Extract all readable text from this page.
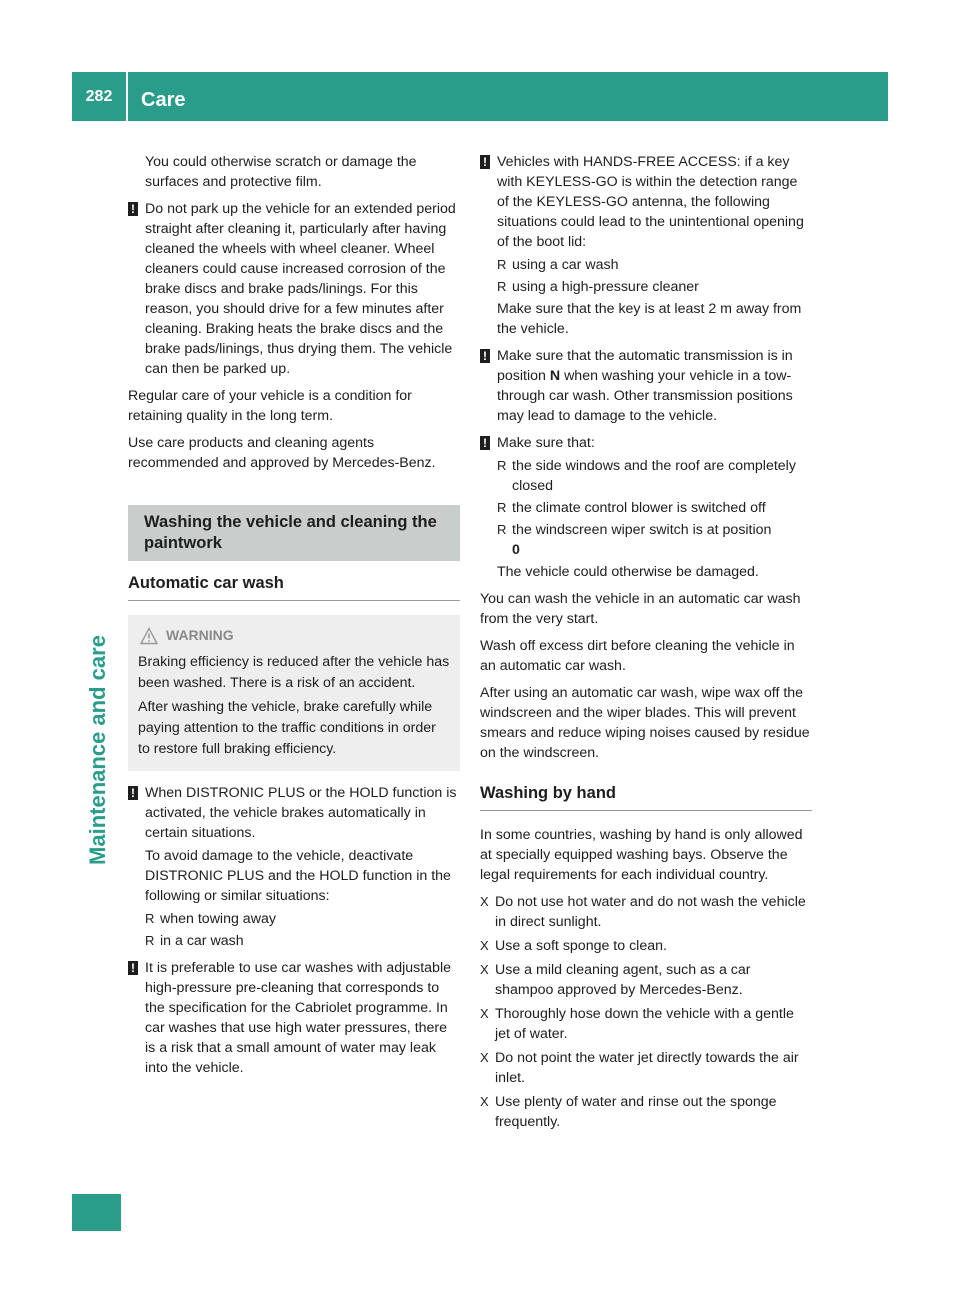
282	Care
Maintenance and care

You could otherwise scratch or damage the surfaces and protective film.

! Do not park up the vehicle for an extended period straight after cleaning it, particularly after having cleaned the wheels with wheel cleaner. Wheel cleaners could cause increased corrosion of the brake discs and brake pads/linings. For this reason, you should drive for a few minutes after cleaning. Braking heats the brake discs and the brake pads/linings, thus drying them. The vehicle can then be parked up.

Regular care of your vehicle is a condition for retaining quality in the long term.

Use care products and cleaning agents recommended and approved by Mercedes-Benz.

Washing the vehicle and cleaning the paintwork
Automatic car wash
WARNING

Braking efficiency is reduced after the vehicle has been washed. There is a risk of an accident.

After washing the vehicle, brake carefully while paying attention to the traffic conditions in order to restore full braking efficiency.

! When DISTRONIC PLUS or the HOLD function is activated, the vehicle brakes automatically in certain situations.

To avoid damage to the vehicle, deactivate DISTRONIC PLUS and the HOLD function in the following or similar situations:

R when towing away
R in a car wash
! It is preferable to use car washes with adjustable high-pressure pre-cleaning that corresponds to the specification for the Cabriolet programme. In car washes that use high water pressures, there is a risk that a small amount of water may leak into the vehicle.

! Vehicles with HANDS-FREE ACCESS: if a key with KEYLESS-GO is within the detection range of the KEYLESS-GO antenna, the following situations could lead to the unintentional opening of the boot lid:

R using a car wash
R using a high-pressure cleaner

Make sure that the key is at least 2 m away from the vehicle.

! Make sure that the automatic transmission is in position N when washing your vehicle in a tow-through car wash. Other transmission positions may lead to damage to the vehicle.

! Make sure that:

R the side windows and the roof are completely closed
R the climate control blower is switched off
R the windscreen wiper switch is at position
0

The vehicle could otherwise be damaged.

You can wash the vehicle in an automatic car wash from the very start.

Wash off excess dirt before cleaning the vehicle in an automatic car wash.

After using an automatic car wash, wipe wax off the windscreen and the wiper blades. This will prevent smears and reduce wiping noises caused by residue on the windscreen.

Washing by hand

In some countries, washing by hand is only allowed at specially equipped washing bays. Observe the legal requirements for each individual country.

X Do not use hot water and do not wash the vehicle in direct sunlight.
X Use a soft sponge to clean.
X Use a mild cleaning agent, such as a car shampoo approved by Mercedes-Benz.
X Thoroughly hose down the vehicle with a gentle jet of water.
X Do not point the water jet directly towards the air inlet.
X Use plenty of water and rinse out the sponge frequently.
